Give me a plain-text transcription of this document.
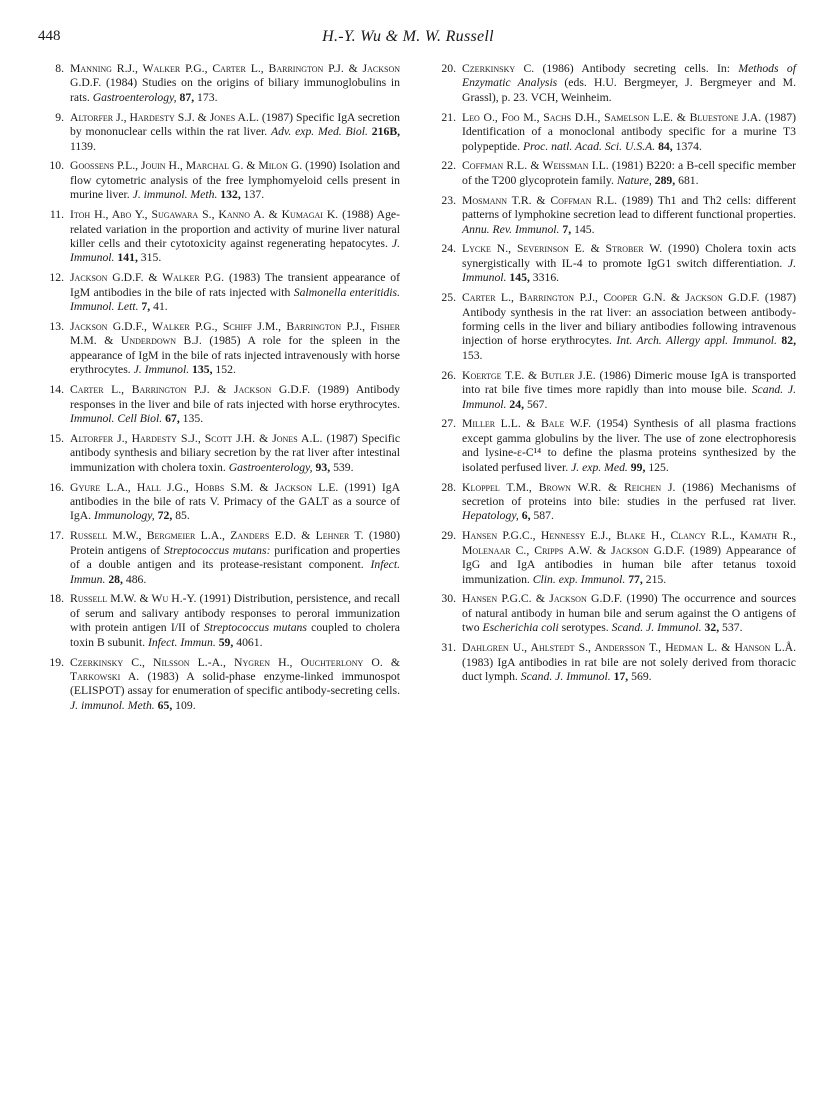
448	H.-Y. Wu & M. W. Russell
8. Manning R.J., Walker P.G., Carter L., Barrington P.J. & Jackson G.D.F. (1984) Studies on the origins of biliary immunoglobulins in rats. Gastroenterology, 87, 173.
9. Altorfer J., Hardesty S.J. & Jones A.L. (1987) Specific IgA secretion by mononuclear cells within the rat liver. Adv. exp. Med. Biol. 216B, 1139.
10. Goossens P.L., Jouin H., Marchal G. & Milon G. (1990) Isolation and flow cytometric analysis of the free lymphomyeloid cells present in murine liver. J. immunol. Meth. 132, 137.
11. Itoh H., Abo Y., Sugawara S., Kanno A. & Kumagai K. (1988) Age-related variation in the proportion and activity of murine liver natural killer cells and their cytotoxicity against regenerating hepatocytes. J. Immunol. 141, 315.
12. Jackson G.D.F. & Walker P.G. (1983) The transient appearance of IgM antibodies in the bile of rats injected with Salmonella enteritidis. Immunol. Lett. 7, 41.
13. Jackson G.D.F., Walker P.G., Schiff J.M., Barrington P.J., Fisher M.M. & Underdown B.J. (1985) A role for the spleen in the appearance of IgM in the bile of rats injected intravenously with horse erythrocytes. J. Immunol. 135, 152.
14. Carter L., Barrington P.J. & Jackson G.D.F. (1989) Antibody responses in the liver and bile of rats injected with horse erythrocytes. Immunol. Cell Biol. 67, 135.
15. Altorfer J., Hardesty S.J., Scott J.H. & Jones A.L. (1987) Specific antibody synthesis and biliary secretion by the rat liver after intestinal immunization with cholera toxin. Gastroenterology, 93, 539.
16. Gyure L.A., Hall J.G., Hobbs S.M. & Jackson L.E. (1991) IgA antibodies in the bile of rats V. Primacy of the GALT as a source of IgA. Immunology, 72, 85.
17. Russell M.W., Bergmeier L.A., Zanders E.D. & Lehner T. (1980) Protein antigens of Streptococcus mutans: purification and properties of a double antigen and its protease-resistant component. Infect. Immun. 28, 486.
18. Russell M.W. & Wu H.-Y. (1991) Distribution, persistence, and recall of serum and salivary antibody responses to peroral immunization with protein antigen I/II of Streptococcus mutans coupled to cholera toxin B subunit. Infect. Immun. 59, 4061.
19. Czerkinsky C., Nilsson L.-A., Nygren H., Ouchterlony O. & Tarkowski A. (1983) A solid-phase enzyme-linked immunospot (ELISPOT) assay for enumeration of specific antibody-secreting cells. J. immunol. Meth. 65, 109.
20. Czerkinsky C. (1986) Antibody secreting cells. In: Methods of Enzymatic Analysis (eds. H.U. Bergmeyer, J. Bergmeyer and M. Grassl), p. 23. VCH, Weinheim.
21. Leo O., Foo M., Sachs D.H., Samelson L.E. & Bluestone J.A. (1987) Identification of a monoclonal antibody specific for a murine T3 polypeptide. Proc. natl. Acad. Sci. U.S.A. 84, 1374.
22. Coffman R.L. & Weissman I.L. (1981) B220: a B-cell specific member of the T200 glycoprotein family. Nature, 289, 681.
23. Mosmann T.R. & Coffman R.L. (1989) Th1 and Th2 cells: different patterns of lymphokine secretion lead to different functional properties. Annu. Rev. Immunol. 7, 145.
24. Lycke N., Severinson E. & Strober W. (1990) Cholera toxin acts synergistically with IL-4 to promote IgG1 switch differentiation. J. Immunol. 145, 3316.
25. Carter L., Barrington P.J., Cooper G.N. & Jackson G.D.F. (1987) Antibody synthesis in the rat liver: an association between antibody-forming cells in the liver and biliary antibodies following intravenous injection of horse erythrocytes. Int. Arch. Allergy appl. Immunol. 82, 153.
26. Koertge T.E. & Butler J.E. (1986) Dimeric mouse IgA is transported into rat bile five times more rapidly than into mouse bile. Scand. J. Immunol. 24, 567.
27. Miller L.L. & Bale W.F. (1954) Synthesis of all plasma fractions except gamma globulins by the liver. The use of zone electrophoresis and lysine-ε-C¹⁴ to define the plasma proteins synthesized by the isolated perfused liver. J. exp. Med. 99, 125.
28. Kloppel T.M., Brown W.R. & Reichen J. (1986) Mechanisms of secretion of proteins into bile: studies in the perfused rat liver. Hepatology, 6, 587.
29. Hansen P.G.C., Hennessy E.J., Blake H., Clancy R.L., Kamath R., Molenaar C., Cripps A.W. & Jackson G.D.F. (1989) Appearance of IgG and IgA antibodies in human bile after tetanus toxoid immunization. Clin. exp. Immunol. 77, 215.
30. Hansen P.G.C. & Jackson G.D.F. (1990) The occurrence and sources of natural antibody in human bile and serum against the O antigens of two Escherichia coli serotypes. Scand. J. Immunol. 32, 537.
31. Dahlgren U., Ahlstedt S., Andersson T., Hedman L. & Hanson L.Å. (1983) IgA antibodies in rat bile are not solely derived from thoracic duct lymph. Scand. J. Immunol. 17, 569.
